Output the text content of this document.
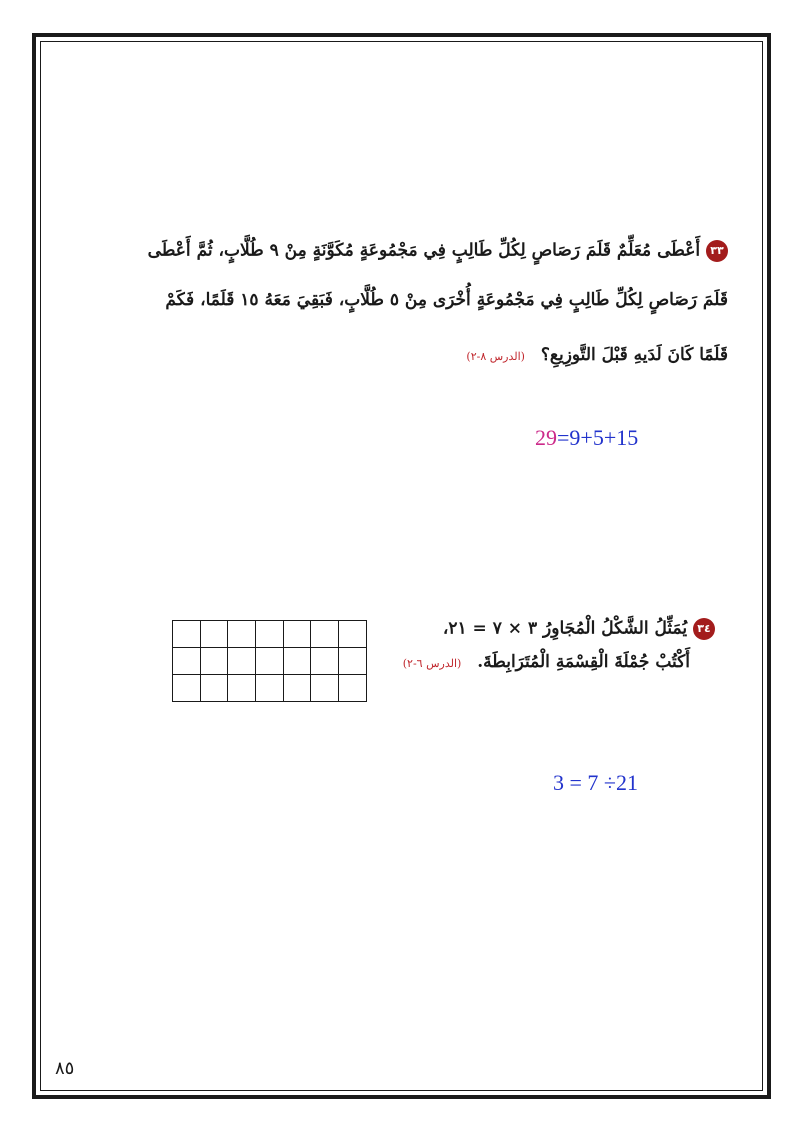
٣٣ أَعْطَى مُعَلِّمٌ قَلَمَ رَصَاصٍ لِكُلِّ طَالِبٍ فِي مَجْمُوعَةٍ مُكَوَّنَةٍ مِنْ ٩ طُلَّابٍ، ثُمَّ أَعْطَى
قَلَمَ رَصَاصٍ لِكُلِّ طَالِبٍ فِي مَجْمُوعَةٍ أُخْرَى مِنْ ٥ طُلَّابٍ، فَبَقِيَ مَعَهُ ١٥ قَلَمًا، فَكَمْ
قَلَمًا كَانَ لَدَيهِ قَبْلَ التَّوزِيعِ؟ (الدرس ٨-٢)
29=9+5+15
٣٤ يُمَثِّلُ الشَّكْلُ الْمُجَاوِرُ ٣ × ٧ = ٢١،
أَكْتُبْ جُمْلَةَ الْقِسْمَةِ الْمُتَرَابِطَةَ. (الدرس ٦-٢)

3 = 7 ÷21
٨٥
